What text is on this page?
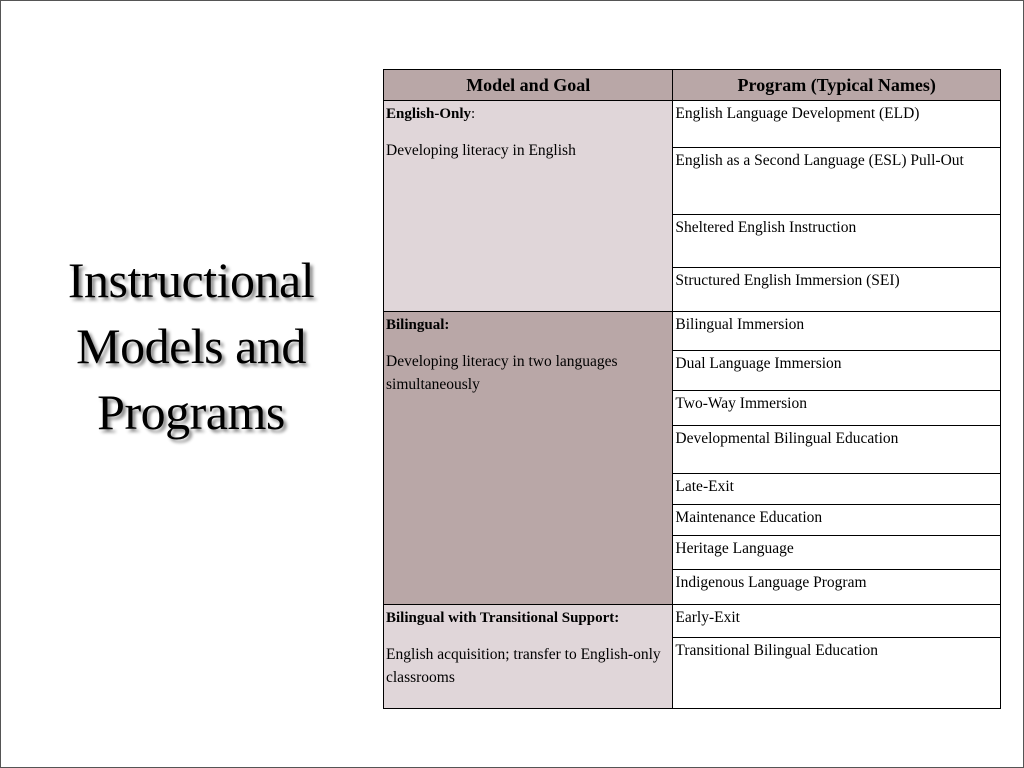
Instructional
Models and
Programs
Model and Goal	Program (Typical Names)
English-Only:
Developing literacy in English	English Language Development (ELD)
	English as a Second Language (ESL) Pull-Out
	Sheltered English Instruction
	Structured English Immersion (SEI)
Bilingual:
Developing literacy in two languages simultaneously	Bilingual Immersion
	Dual Language Immersion
	Two-Way Immersion
	Developmental Bilingual Education
	Late-Exit
	Maintenance Education
	Heritage Language
	Indigenous Language Program
Bilingual with Transitional Support:
English acquisition; transfer to English-only classrooms	Early-Exit
	Transitional Bilingual Education
